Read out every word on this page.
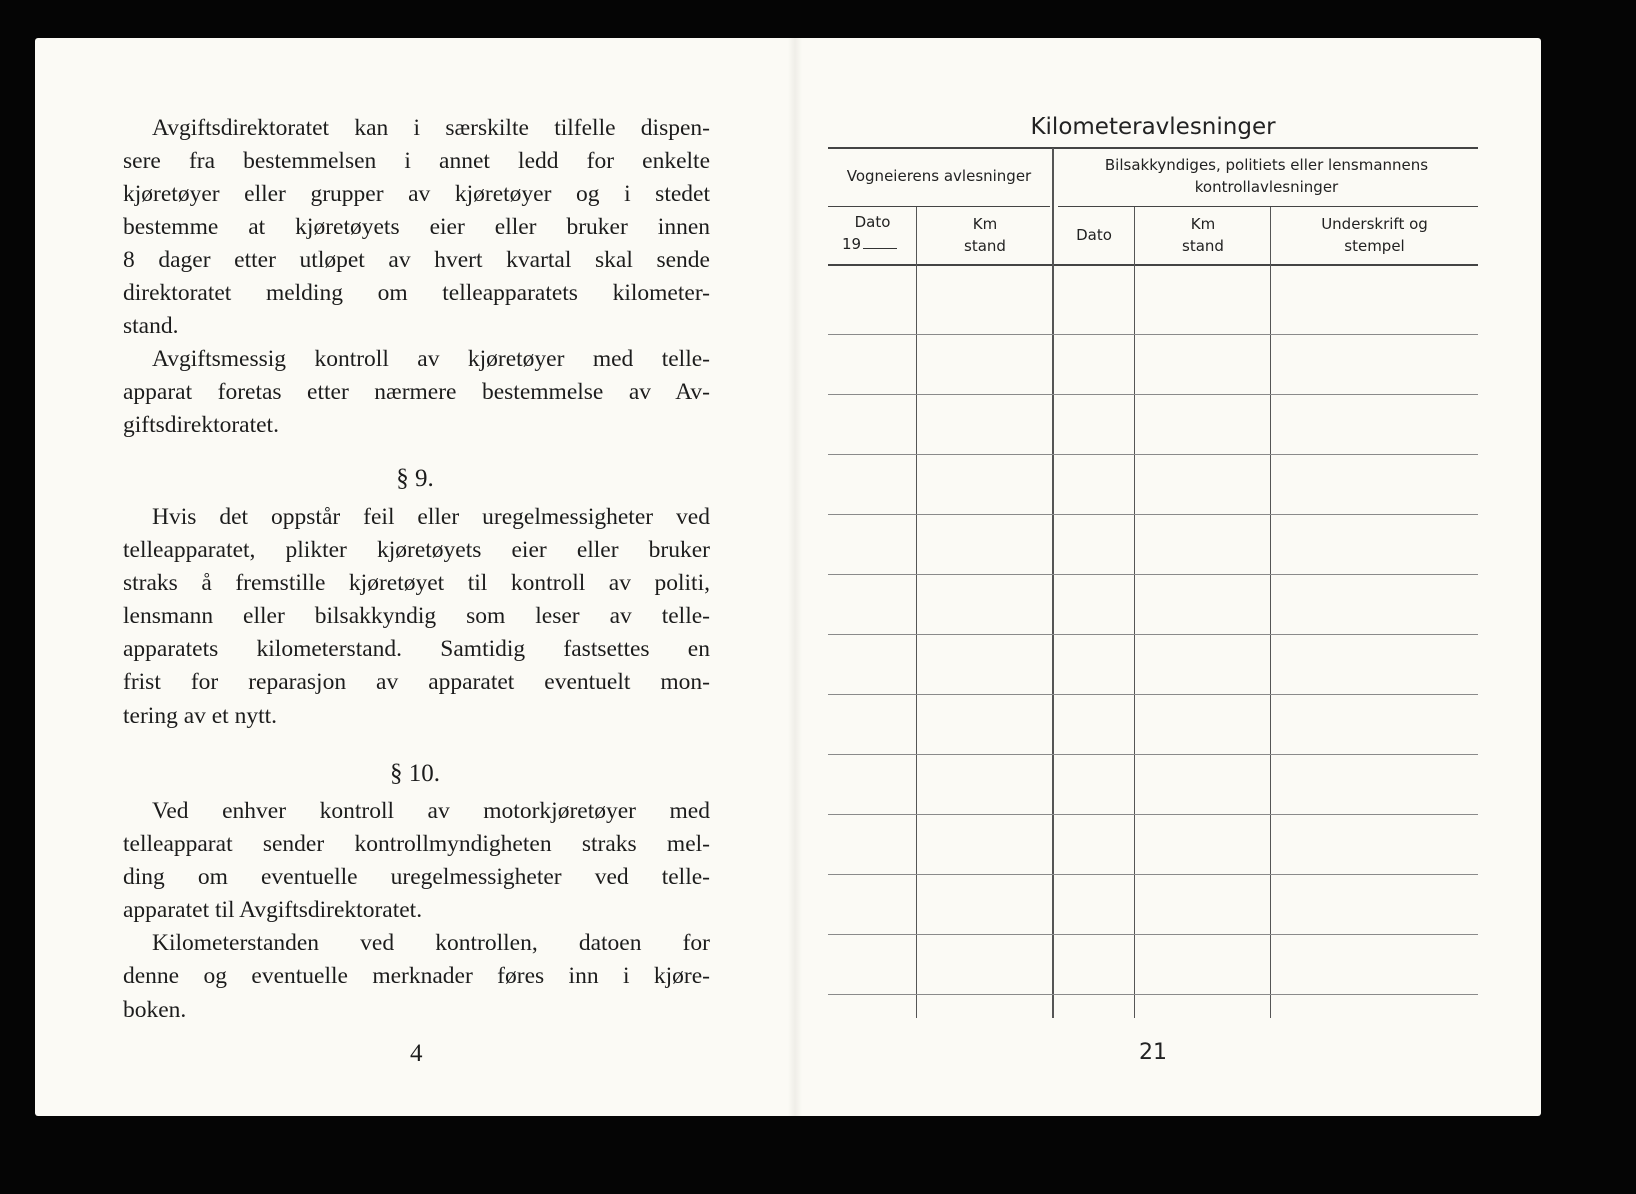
Avgiftsdirektoratet kan i særskilte tilfelle dispen-
sere fra bestemmelsen i annet ledd for enkelte
kjøretøyer eller grupper av kjøretøyer og i stedet
bestemme at kjøretøyets eier eller bruker innen
8 dager etter utløpet av hvert kvartal skal sende
direktoratet melding om telleapparatets kilometer-
stand.
Avgiftsmessig kontroll av kjøretøyer med telle-
apparat foretas etter nærmere bestemmelse av Av-
giftsdirektoratet.
§ 9.
Hvis det oppstår feil eller uregelmessigheter ved
telleapparatet, plikter kjøretøyets eier eller bruker
straks å fremstille kjøretøyet til kontroll av politi,
lensmann eller bilsakkyndig som leser av telle-
apparatets kilometerstand. Samtidig fastsettes en
frist for reparasjon av apparatet eventuelt mon-
tering av et nytt.
§ 10.
Ved enhver kontroll av motorkjøretøyer med
telleapparat sender kontrollmyndigheten straks mel-
ding om eventuelle uregelmessigheter ved telle-
apparatet til Avgiftsdirektoratet.
Kilometerstanden ved kontrollen, datoen for
denne og eventuelle merknader føres inn i kjøre-
boken.
4
Kilometeravlesninger
Vogneierens avlesninger
Bilsakkyndiges, politiets eller lensmannens
kontrollavlesninger
Dato
19
Km
stand
Dato
Km
stand
Underskrift og
stempel
21
